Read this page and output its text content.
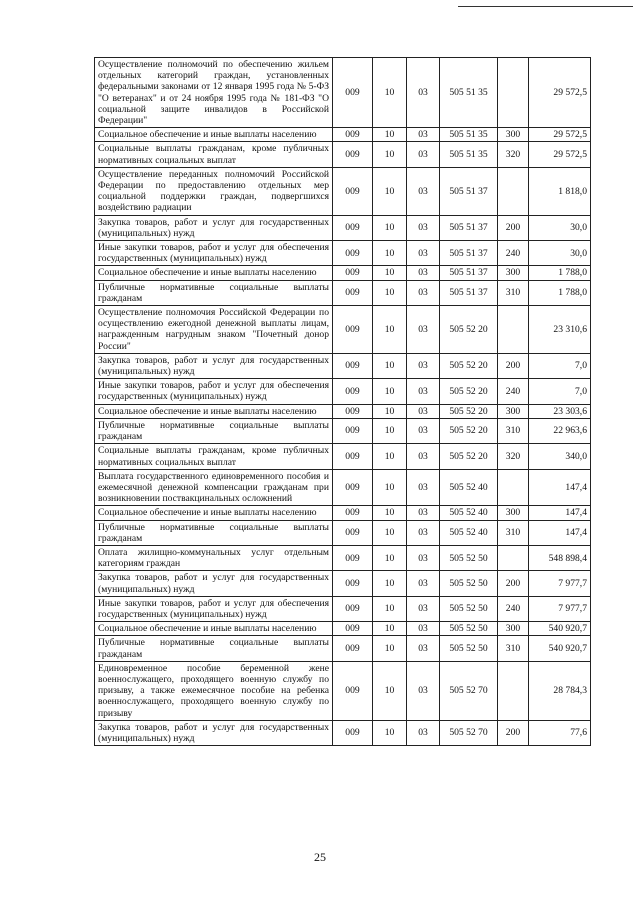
Осуществление полномочий по обеспечению жильем отдельных категорий граждан, установленных федеральными законами от 12 января 1995 года № 5-ФЗ "О ветеранах" и от 24 ноября 1995 года № 181-ФЗ "О социальной защите инвалидов в Российской Федерации"	009	10	03	505 51 35		29 572,5
Социальное обеспечение и иные выплаты населению	009	10	03	505 51 35	300	29 572,5
Социальные выплаты гражданам, кроме публичных нормативных социальных выплат	009	10	03	505 51 35	320	29 572,5
Осуществление переданных полномочий Российской Федерации по предоставлению отдельных мер социальной поддержки граждан, подвергшихся воздействию радиации	009	10	03	505 51 37		1 818,0
Закупка товаров, работ и услуг для государственных (муниципальных) нужд	009	10	03	505 51 37	200	30,0
Иные закупки товаров, работ и услуг для обеспечения государственных (муниципальных) нужд	009	10	03	505 51 37	240	30,0
Социальное обеспечение и иные выплаты населению	009	10	03	505 51 37	300	1 788,0
Публичные нормативные социальные выплаты гражданам	009	10	03	505 51 37	310	1 788,0
Осуществление полномочия Российской Федерации по осуществлению ежегодной денежной выплаты лицам, награжденным нагрудным знаком "Почетный донор России"	009	10	03	505 52 20		23 310,6
Закупка товаров, работ и услуг для государственных (муниципальных) нужд	009	10	03	505 52 20	200	7,0
Иные закупки товаров, работ и услуг для обеспечения государственных (муниципальных) нужд	009	10	03	505 52 20	240	7,0
Социальное обеспечение и иные выплаты населению	009	10	03	505 52 20	300	23 303,6
Публичные нормативные социальные выплаты гражданам	009	10	03	505 52 20	310	22 963,6
Социальные выплаты гражданам, кроме публичных нормативных социальных выплат	009	10	03	505 52 20	320	340,0
Выплата государственного единовременного пособия и ежемесячной денежной компенсации гражданам при возникновении поствакцинальных осложнений	009	10	03	505 52 40		147,4
Социальное обеспечение и иные выплаты населению	009	10	03	505 52 40	300	147,4
Публичные нормативные социальные выплаты гражданам	009	10	03	505 52 40	310	147,4
Оплата жилищно-коммунальных услуг отдельным категориям граждан	009	10	03	505 52 50		548 898,4
Закупка товаров, работ и услуг для государственных (муниципальных) нужд	009	10	03	505 52 50	200	7 977,7
Иные закупки товаров, работ и услуг для обеспечения государственных (муниципальных) нужд	009	10	03	505 52 50	240	7 977,7
Социальное обеспечение и иные выплаты населению	009	10	03	505 52 50	300	540 920,7
Публичные нормативные социальные выплаты гражданам	009	10	03	505 52 50	310	540 920,7
Единовременное пособие беременной жене военнослужащего, проходящего военную службу по призыву, а также ежемесячное пособие на ребенка военнослужащего, проходящего военную службу по призыву	009	10	03	505 52 70		28 784,3
Закупка товаров, работ и услуг для государственных (муниципальных) нужд	009	10	03	505 52 70	200	77,6
25
